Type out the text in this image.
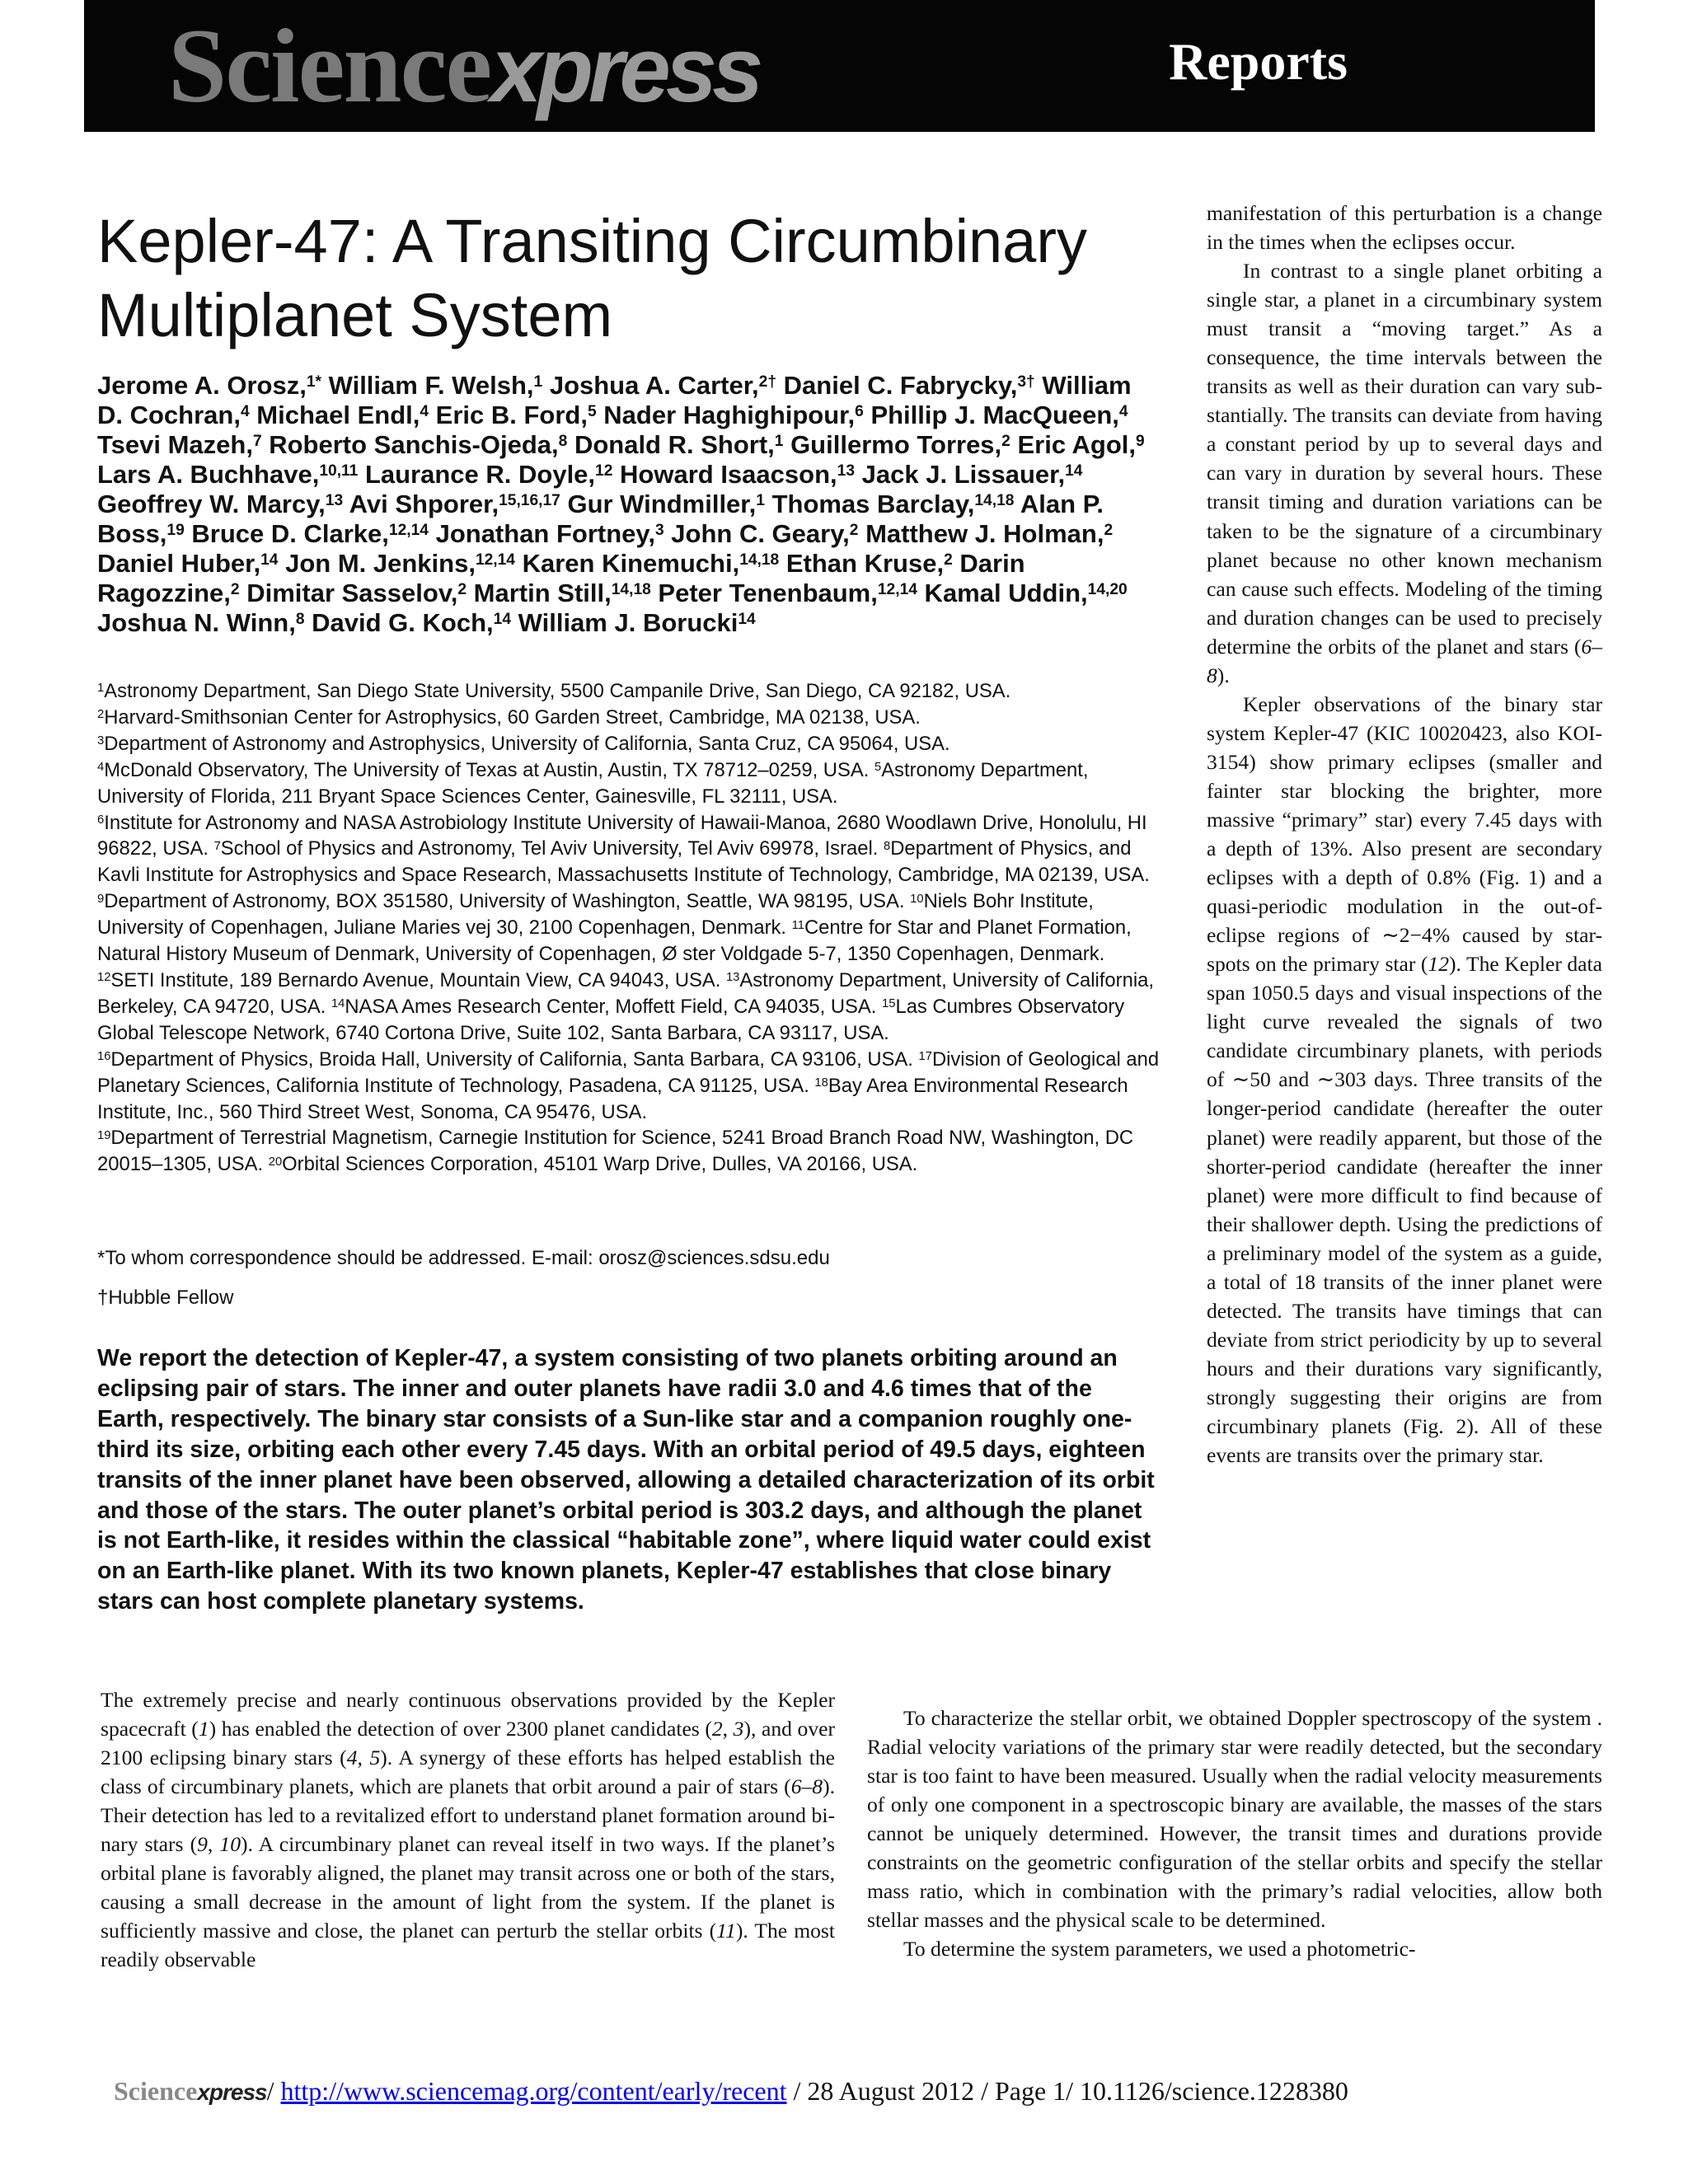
Sciencexpress	Reports
Kepler-47: A Transiting Circumbinary
Multiplanet System

Jerome A. Orosz,$^{1*}$ William F. Welsh,$^1$ Joshua A. Carter,$^{2\dagger}$ Daniel C. Fabrycky,$^{3\dagger}$ William D. Cochran,$^4$ Michael Endl,$^4$ Eric B. Ford,$^5$ Nader Haghighipour,$^6$ Phillip J. MacQueen,$^4$ Tsevi Mazeh,$^7$ Roberto Sanchis-Ojeda,$^8$ Donald R. Short,$^1$ Guillermo Torres,$^2$ Eric Agol,$^9$ Lars A. Buchhave,$^{10,11}$ Laurance R. Doyle,$^{12}$ Howard Isaacson,$^{13}$ Jack J. Lissauer,$^{14}$ Geoffrey W. Marcy,$^{13}$ Avi Shporer,$^{15,16,17}$ Gur Windmiller,$^1$ Thomas Barclay,$^{14,18}$ Alan P. Boss,$^{19}$ Bruce D. Clarke,$^{12,14}$ Jonathan Fortney,$^3$ John C. Geary,$^2$ Matthew J. Holman,$^2$ Daniel Huber,$^{14}$ Jon M. Jenkins,$^{12,14}$ Karen Kinemuchi,$^{14,18}$ Ethan Kruse,$^2$ Darin Ragozzine,$^2$ Dimitar Sasselov,$^2$ Martin Still,$^{14,18}$ Peter Tenenbaum,$^{12,14}$ Kamal Uddin,$^{14,20}$ Joshua N. Winn,$^8$ David G. Koch,$^{14}$ William J. Borucki$^{14}$

$^1$Astronomy Department, San Diego State University, 5500 Campanile Drive, San Diego, CA 92182, USA.
$^2$Harvard-Smithsonian Center for Astrophysics, 60 Garden Street, Cambridge, MA 02138, USA.
$^3$Department of Astronomy and Astrophysics, University of California, Santa Cruz, CA 95064, USA.
$^4$McDonald Observatory, The University of Texas at Austin, Austin, TX 78712–0259, USA. $^5$Astronomy Department, University of Florida, 211 Bryant Space Sciences Center, Gainesville, FL 32111, USA.
$^6$Institute for Astronomy and NASA Astrobiology Institute University of Hawaii-Manoa, 2680 Woodlawn Drive, Honolulu, HI 96822, USA. $^7$School of Physics and Astronomy, Tel Aviv University, Tel Aviv 69978, Israel. $^8$Department of Physics, and Kavli Institute for Astrophysics and Space Research, Massachusetts Institute of Technology, Cambridge, MA 02139, USA. $^9$Department of Astronomy, BOX 351580, University of Washington, Seattle, WA 98195, USA. $^{10}$Niels Bohr Institute, University of Copenhagen, Juliane Maries vej 30, 2100 Copenhagen, Denmark. $^{11}$Centre for Star and Planet Formation, Natural History Museum of Denmark, University of Copenhagen, Ø ster Voldgade 5-7, 1350 Copenhagen, Denmark. $^{12}$SETI Institute, 189 Bernardo Avenue, Mountain View, CA 94043, USA. $^{13}$Astronomy Department, University of California, Berkeley, CA 94720, USA. $^{14}$NASA Ames Research Center, Moffett Field, CA 94035, USA. $^{15}$Las Cumbres Observatory Global Telescope Network, 6740 Cortona Drive, Suite 102, Santa Barbara, CA 93117, USA.
$^{16}$Department of Physics, Broida Hall, University of California, Santa Barbara, CA 93106, USA. $^{17}$Division of Geological and Planetary Sciences, California Institute of Technology, Pasadena, CA 91125, USA. $^{18}$Bay Area Environmental Research Institute, Inc., 560 Third Street West, Sonoma, CA 95476, USA.
$^{19}$Department of Terrestrial Magnetism, Carnegie Institution for Science, 5241 Broad Branch Road NW, Washington, DC 20015–1305, USA. $^{20}$Orbital Sciences Corporation, 45101 Warp Drive, Dulles, VA 20166, USA.

*To whom correspondence should be addressed. E-mail: orosz@sciences.sdsu.edu

†Hubble Fellow

We report the detection of Kepler-47, a system consisting of two planets orbiting around an eclipsing pair of stars. The inner and outer planets have radii 3.0 and 4.6 times that of the Earth, respectively. The binary star consists of a Sun-like star and a companion roughly one-third its size, orbiting each other every 7.45 days. With an orbital period of 49.5 days, eighteen transits of the inner planet have been observed, allowing a detailed characterization of its orbit and those of the stars. The outer planet’s orbital period is 303.2 days, and although the planet is not Earth-like, it resides within the classical “habitable zone”, where liquid water could exist on an Earth-like planet. With its two known planets, Kepler-47 establishes that close binary stars can host complete planetary systems.

manifestation of this perturbation is a change in the times when the eclipses occur.

In contrast to a single planet orbiting a single star, a planet in a circumbinary system must transit a “moving target.” As a consequence, the time intervals between the transits as well as their duration can vary substantially. The transits can deviate from having a constant period by up to several days and can vary in duration by several hours. These transit timing and duration variations can be taken to be the signature of a circumbinary planet because no other known mechanism can cause such effects. Modeling of the timing and duration changes can be used to precisely determine the orbits of the planet and stars (6–8).

Kepler observations of the binary star system Kepler-47 (KIC 10020423, also KOI-3154) show primary eclipses (smaller and fainter star blocking the brighter, more massive “primary” star) every 7.45 days with a depth of 13%. Also present are secondary eclipses with a depth of 0.8% (Fig. 1) and a quasi-periodic modulation in the out-of-eclipse regions of ∼2−4% caused by star-spots on the primary star (12). The Kepler data span 1050.5 days and visual inspections of the light curve revealed the signals of two candidate circumbinary planets, with periods of ∼50 and ∼303 days. Three transits of the longer-period candidate (hereafter the outer planet) were readily apparent, but those of the shorter-period candidate (hereafter the inner planet) were more difficult to find because of their shallower depth. Using the predictions of a preliminary model of the system as a guide, a total of 18 transits of the inner planet were detected. The transits have timings that can deviate from strict periodicity by up to several hours and their durations vary significantly, strongly suggesting their origins are from circumbinary planets (Fig. 2). All of these events are transits over the primary star.

The extremely precise and nearly continuous observations provided by the Kepler spacecraft (1) has enabled the detection of over 2300 planet candidates (2, 3), and over 2100 eclipsing binary stars (4, 5). A synergy of these efforts has helped establish the class of circumbinary planets, which are planets that orbit around a pair of stars (6–8). Their detection has led to a revitalized effort to understand planet formation around binary stars (9, 10). A circumbinary planet can reveal itself in two ways. If the planet’s orbital plane is favorably aligned, the planet may transit across one or both of the stars, causing a small decrease in the amount of light from the system. If the planet is sufficiently massive and close, the planet can perturb the stellar orbits (11). The most readily observable

To characterize the stellar orbit, we obtained Doppler spectroscopy of the system . Radial velocity variations of the primary star were readily detected, but the secondary star is too faint to have been measured. Usually when the radial velocity measurements of only one component in a spectroscopic binary are available, the masses of the stars cannot be uniquely determined. However, the transit times and durations provide constraints on the geometric configuration of the stellar orbits and specify the stellar mass ratio, which in combination with the primary’s radial velocities, allow both stellar masses and the physical scale to be determined.

To determine the system parameters, we used a photometric-

Sciencexpress/ http://www.sciencemag.org/content/early/recent / 28 August 2012 / Page 1/ 10.1126/science.1228380
